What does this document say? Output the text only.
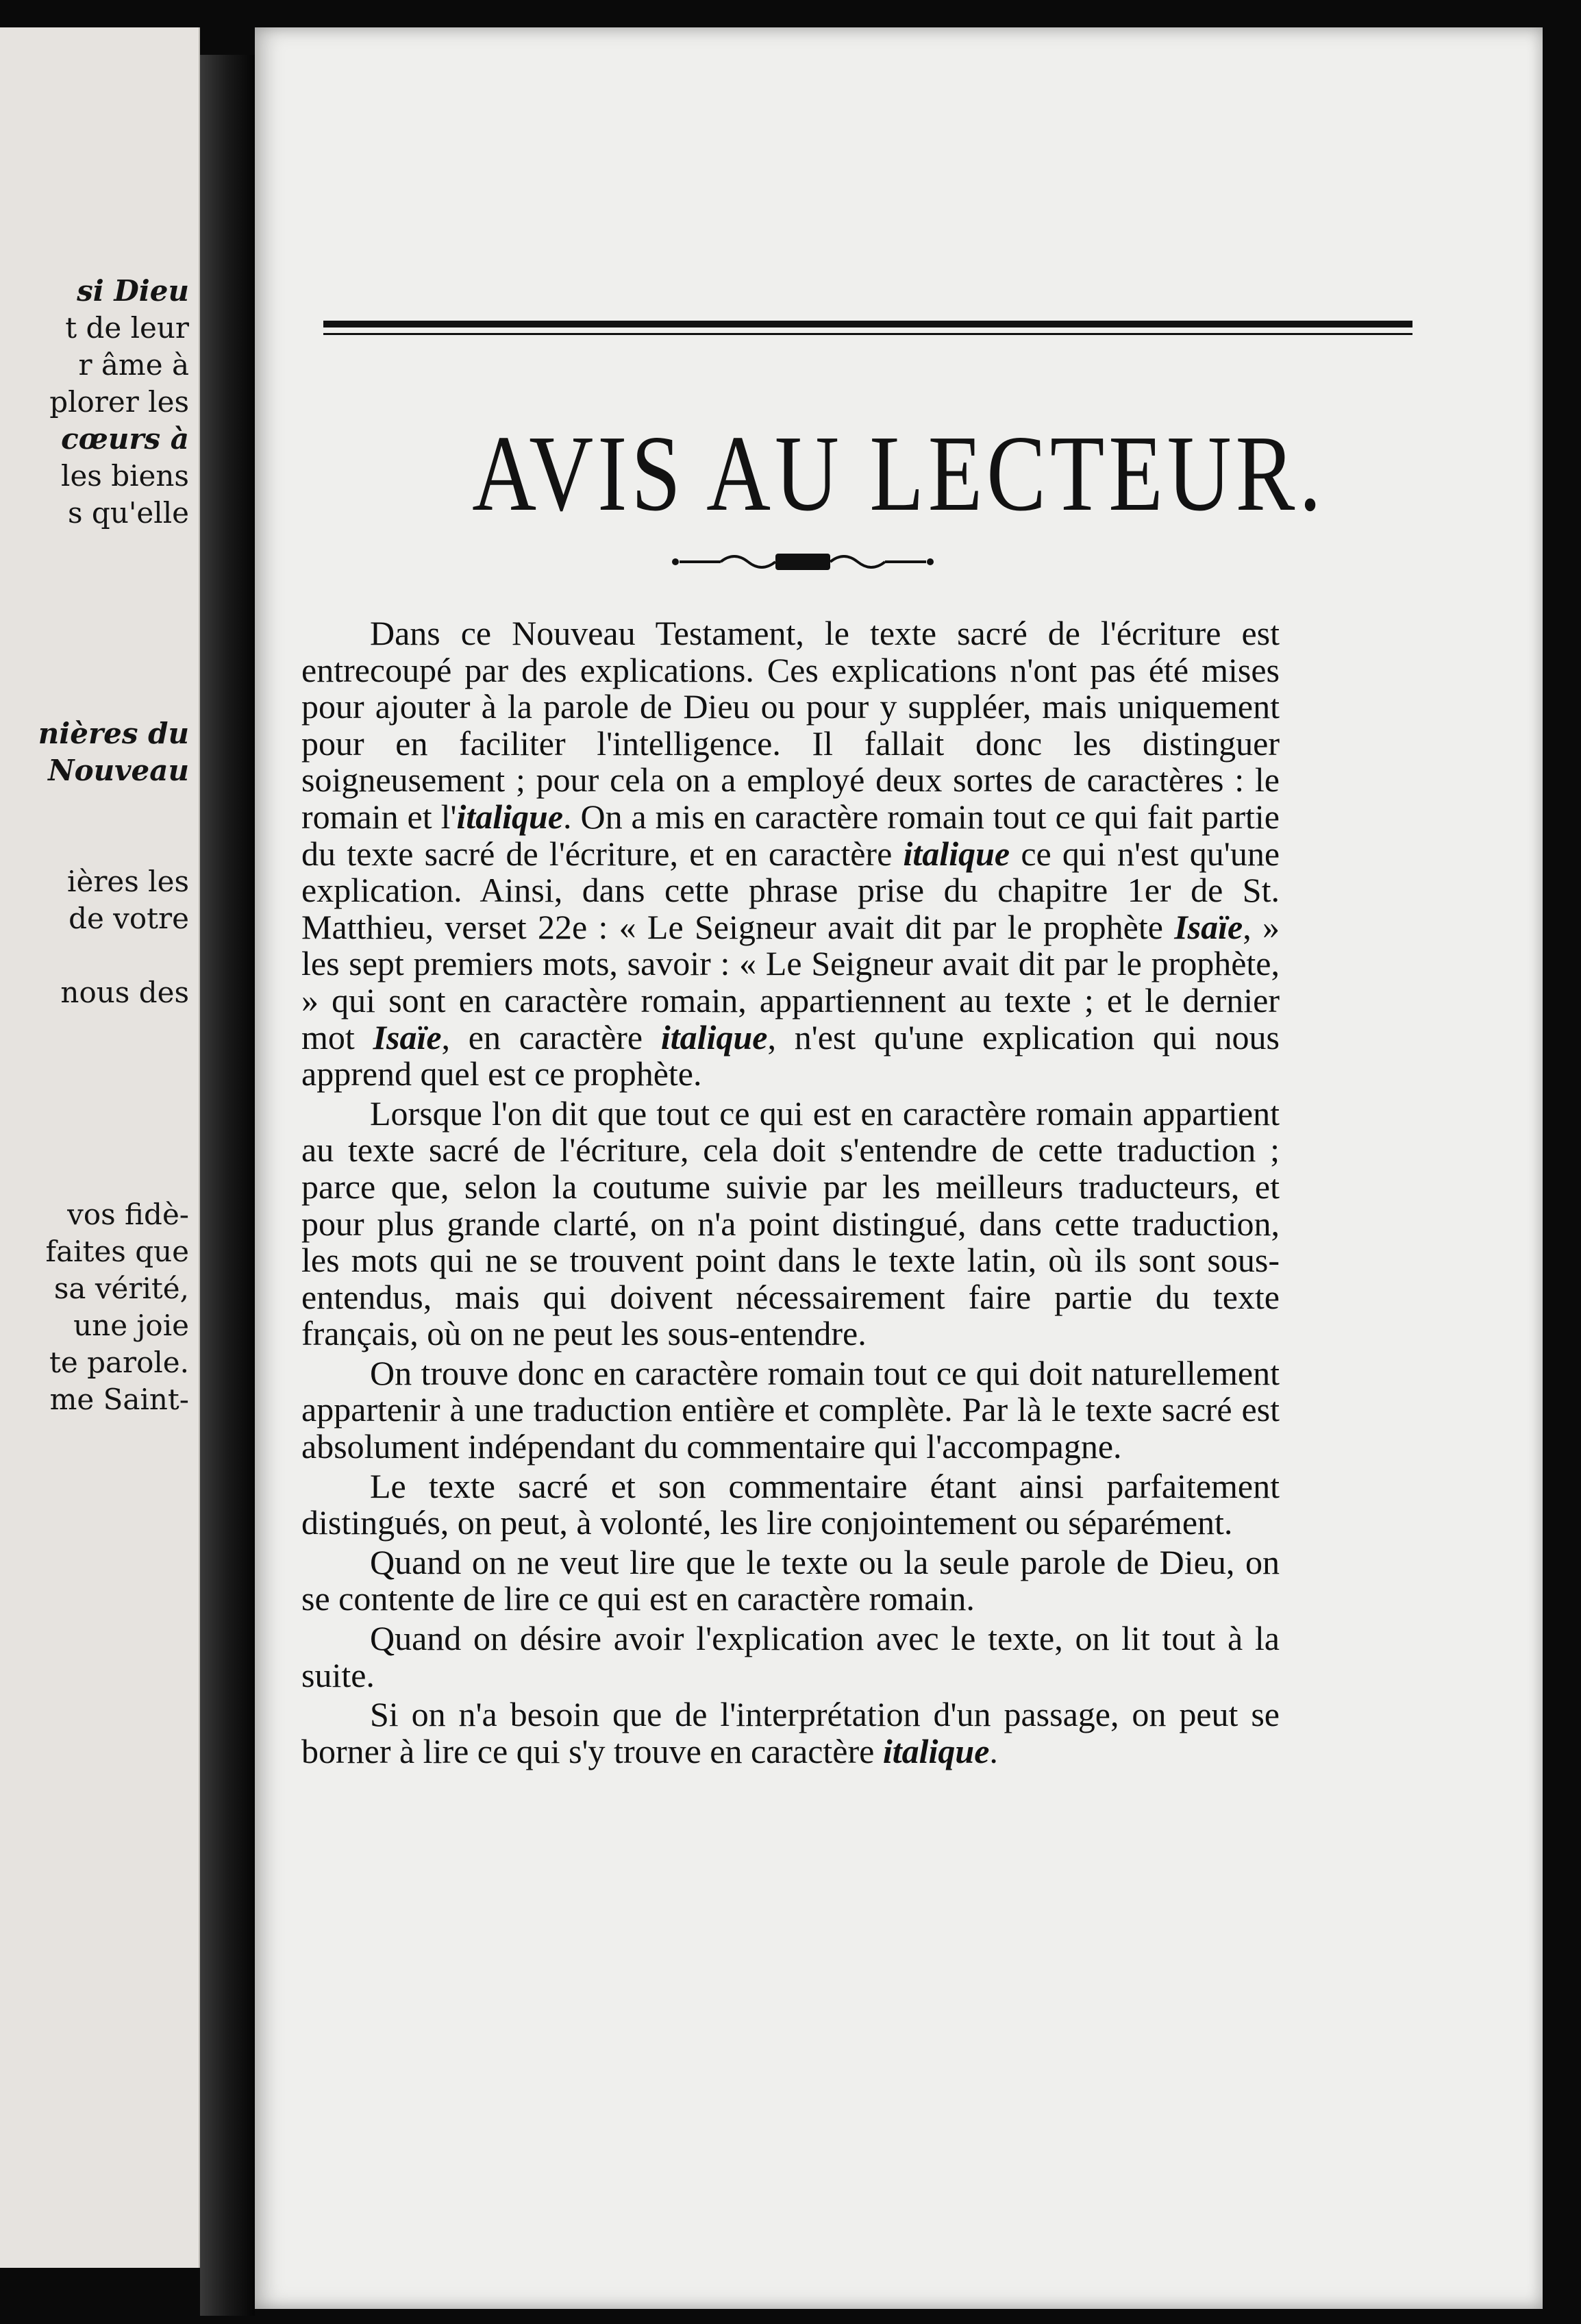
si Dieu
t de leur
r âme à
plorer les
cœurs à
les biens
s qu'elle
nières du
Nouveau
ières les
de votre
nous des
vos fidè-
faites que
sa vérité,
une joie
te parole.
me Saint-
AVIS AU LECTEUR.

Dans ce Nouveau Testament, le texte sacré de l'écriture est entrecoupé par des explications. Ces explications n'ont pas été mises pour ajouter à la parole de Dieu ou pour y suppléer, mais uniquement pour en faciliter l'intelligence. Il fallait donc les distinguer soigneusement ; pour cela on a employé deux sortes de caractères : le romain et l'italique. On a mis en caractère romain tout ce qui fait partie du texte sacré de l'écriture, et en caractère italique ce qui n'est qu'une explication. Ainsi, dans cette phrase prise du chapitre 1er de St. Matthieu, verset 22e : « Le Seigneur avait dit par le prophète Isaïe, » les sept premiers mots, savoir : « Le Seigneur avait dit par le prophète, » qui sont en caractère romain, appartiennent au texte ; et le dernier mot Isaïe, en caractère italique, n'est qu'une explication qui nous apprend quel est ce prophète.

Lorsque l'on dit que tout ce qui est en caractère romain appartient au texte sacré de l'écriture, cela doit s'entendre de cette traduction ; parce que, selon la coutume suivie par les meilleurs traducteurs, et pour plus grande clarté, on n'a point distingué, dans cette traduction, les mots qui ne se trouvent point dans le texte latin, où ils sont sous-entendus, mais qui doivent nécessairement faire partie du texte français, où on ne peut les sous-entendre.

On trouve donc en caractère romain tout ce qui doit naturellement appartenir à une traduction entière et complète. Par là le texte sacré est absolument indépendant du commentaire qui l'accompagne.

Le texte sacré et son commentaire étant ainsi parfaitement distingués, on peut, à volonté, les lire conjointement ou séparément.

Quand on ne veut lire que le texte ou la seule parole de Dieu, on se contente de lire ce qui est en caractère romain.

Quand on désire avoir l'explication avec le texte, on lit tout à la suite.

Si on n'a besoin que de l'interprétation d'un passage, on peut se borner à lire ce qui s'y trouve en caractère italique.
